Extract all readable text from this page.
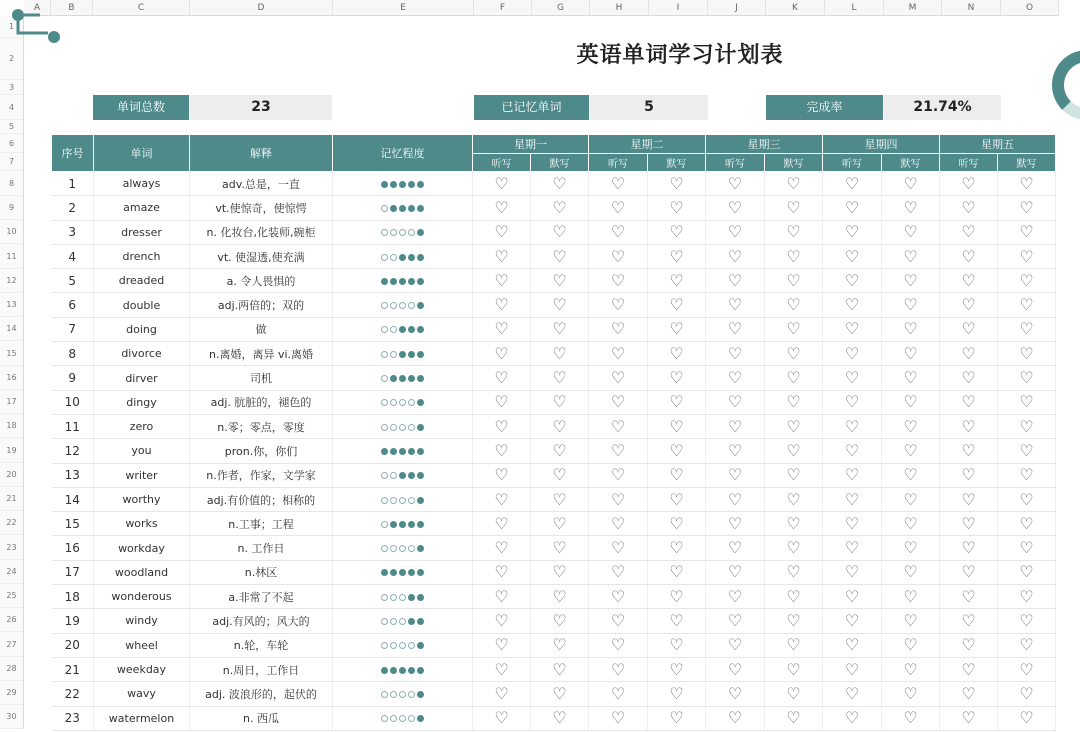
A	B	C	D	E	F	G	H	I	J	K	L	M	N	O
1
2
3
4
5
6
7
8
9
10
11
12
13
14
15
16
17
18
19
20
21
22
23
24
25
26
27
28
29
30
英语单词学习计划表
单词总数	23	已记忆单词	5	完成率	21.74%
序号	单词	解释	记忆程度	星期一		星期二		星期三		星期四		星期五	
				听写	默写	听写	默写	听写	默写	听写	默写	听写	默写
1	always	adv.总是，一直		♡	♡	♡	♡	♡	♡	♡	♡	♡	♡
2	amaze	vt.使惊奇，使惊愕		♡	♡	♡	♡	♡	♡	♡	♡	♡	♡
3	dresser	n. 化妆台,化装师,碗柜		♡	♡	♡	♡	♡	♡	♡	♡	♡	♡
4	drench	vt. 使湿透,使充满		♡	♡	♡	♡	♡	♡	♡	♡	♡	♡
5	dreaded	a. 令人畏惧的		♡	♡	♡	♡	♡	♡	♡	♡	♡	♡
6	double	adj.两倍的；双的		♡	♡	♡	♡	♡	♡	♡	♡	♡	♡
7	doing	做		♡	♡	♡	♡	♡	♡	♡	♡	♡	♡
8	divorce	n.离婚，离异 vi.离婚		♡	♡	♡	♡	♡	♡	♡	♡	♡	♡
9	dirver	司机		♡	♡	♡	♡	♡	♡	♡	♡	♡	♡
10	dingy	adj. 肮脏的，褪色的		♡	♡	♡	♡	♡	♡	♡	♡	♡	♡
11	zero	n.零；零点，零度		♡	♡	♡	♡	♡	♡	♡	♡	♡	♡
12	you	pron.你，你们		♡	♡	♡	♡	♡	♡	♡	♡	♡	♡
13	writer	n.作者，作家，文学家		♡	♡	♡	♡	♡	♡	♡	♡	♡	♡
14	worthy	adj.有价值的；相称的		♡	♡	♡	♡	♡	♡	♡	♡	♡	♡
15	works	n.工事；工程		♡	♡	♡	♡	♡	♡	♡	♡	♡	♡
16	workday	n. 工作日		♡	♡	♡	♡	♡	♡	♡	♡	♡	♡
17	woodland	n.林区		♡	♡	♡	♡	♡	♡	♡	♡	♡	♡
18	wonderous	a.非常了不起		♡	♡	♡	♡	♡	♡	♡	♡	♡	♡
19	windy	adj.有风的；风大的		♡	♡	♡	♡	♡	♡	♡	♡	♡	♡
20	wheel	n.轮，车轮		♡	♡	♡	♡	♡	♡	♡	♡	♡	♡
21	weekday	n.周日，工作日		♡	♡	♡	♡	♡	♡	♡	♡	♡	♡
22	wavy	adj. 波浪形的，起伏的		♡	♡	♡	♡	♡	♡	♡	♡	♡	♡
23	watermelon	n. 西瓜		♡	♡	♡	♡	♡	♡	♡	♡	♡	♡
